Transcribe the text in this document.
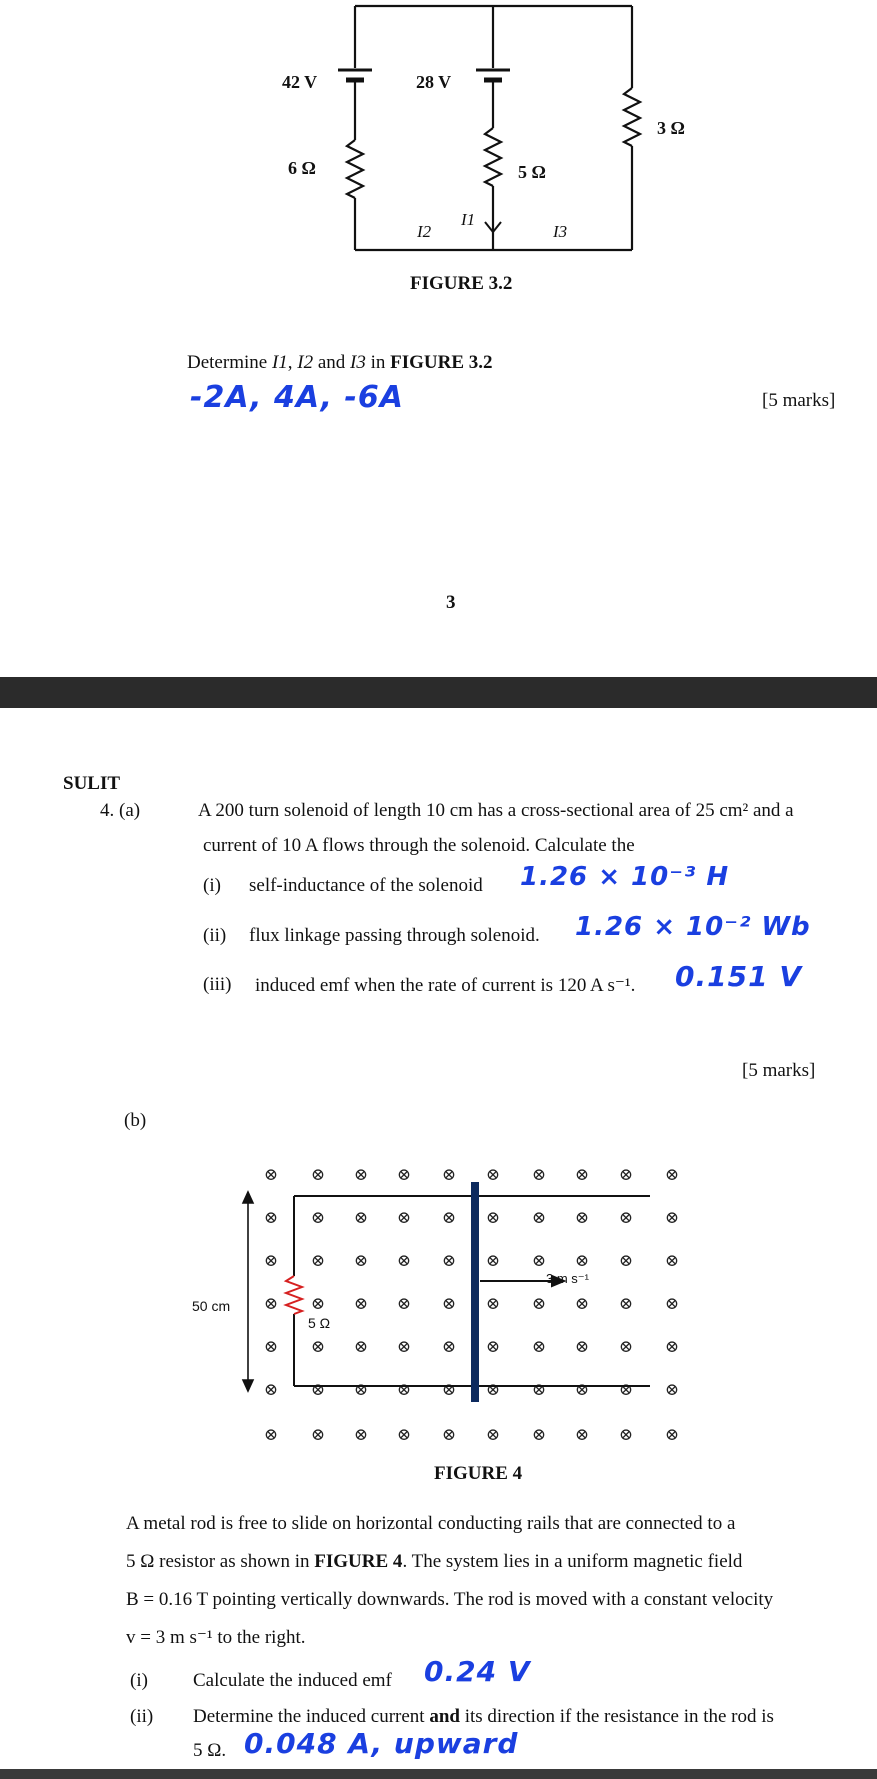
42 V	28 V
6 Ω	5 Ω
3 Ω
I2
I1
I3
FIGURE 3.2
Determine I1, I2 and I3 in FIGURE 3.2
-2A, 4A, -6A	[5 marks]
3
SULIT
4. (a)	A 200 turn solenoid of length 10 cm has a cross-sectional area of 25 cm² and a
current of 10 A flows through the solenoid. Calculate the
(i) self-inductance of the solenoid 1.26 × 10⁻³ H
(ii) flux linkage passing through solenoid. 1.26 × 10⁻² Wb
(iii) induced emf when the rate of current is 120 A s⁻¹. 0.151 V
[5 marks]
(b)
⊗ ⊗ ⊗ ⊗ ⊗ ⊗ ⊗ ⊗ ⊗ ⊗
⊗ ⊗ ⊗ ⊗ ⊗ ⊗ ⊗ ⊗ ⊗ ⊗
⊗ ⊗ ⊗ ⊗ ⊗ ⊗ ⊗ ⊗ ⊗ ⊗
⊗ ⊗ ⊗ ⊗ ⊗ ⊗ ⊗ ⊗ ⊗ ⊗
⊗ ⊗ ⊗ ⊗ ⊗ ⊗ ⊗ ⊗ ⊗ ⊗
⊗ ⊗ ⊗ ⊗ ⊗ ⊗ ⊗ ⊗ ⊗ ⊗
⊗ ⊗ ⊗ ⊗ ⊗ ⊗ ⊗ ⊗ ⊗ ⊗
50 cm
3 m s⁻¹
5 Ω
FIGURE 4
A metal rod is free to slide on horizontal conducting rails that are connected to a
5 Ω resistor as shown in FIGURE 4. The system lies in a uniform magnetic field
B = 0.16 T pointing vertically downwards. The rod is moved with a constant velocity
v = 3 m s⁻¹ to the right.
(i) Calculate the induced emf 0.24 V
(ii) Determine the induced current and its direction if the resistance in the rod is
5 Ω. 0.048 A, upward
